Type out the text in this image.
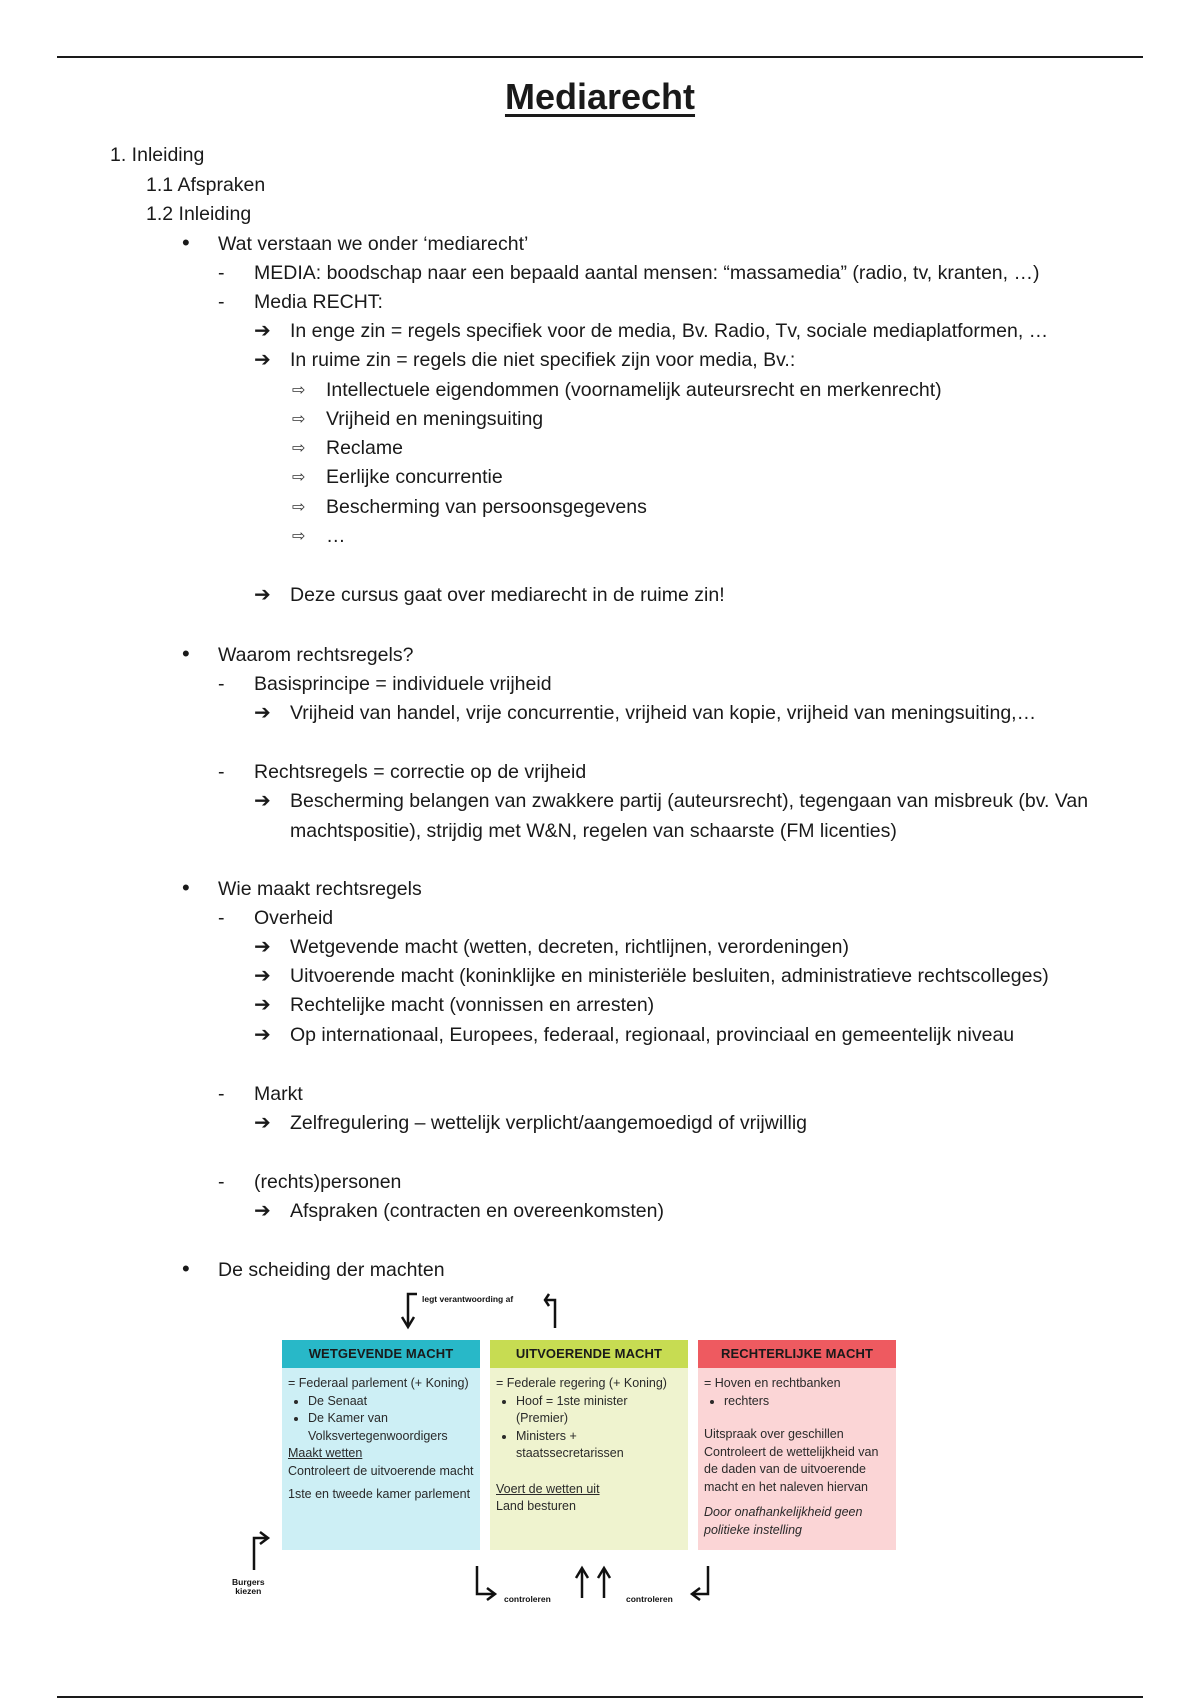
Mediarecht
1. Inleiding
1.1 Afspraken
1.2 Inleiding
• Wat verstaan we onder ‘mediarecht’
- MEDIA: boodschap naar een bepaald aantal mensen: “massamedia” (radio, tv, kranten, …)
- Media RECHT:
➔ In enge zin = regels specifiek voor de media, Bv. Radio, Tv, sociale mediaplatformen, …
➔ In ruime zin = regels die niet specifiek zijn voor media, Bv.:
⇨ Intellectuele eigendommen (voornamelijk auteursrecht en merkenrecht)
⇨ Vrijheid en meningsuiting
⇨ Reclame
⇨ Eerlijke concurrentie
⇨ Bescherming van persoonsgegevens
⇨ …
➔ Deze cursus gaat over mediarecht in de ruime zin!
• Waarom rechtsregels?
- Basisprincipe = individuele vrijheid
➔ Vrijheid van handel, vrije concurrentie, vrijheid van kopie, vrijheid van meningsuiting,…
- Rechtsregels = correctie op de vrijheid
➔ Bescherming belangen van zwakkere partij (auteursrecht), tegengaan van misbreuk (bv. Van
machtspositie), strijdig met W&N, regelen van schaarste (FM licenties)
• Wie maakt rechtsregels
- Overheid
➔ Wetgevende macht (wetten, decreten, richtlijnen, verordeningen)
➔ Uitvoerende macht (koninklijke en ministeriële besluiten, administratieve rechtscolleges)
➔ Rechtelijke macht (vonnissen en arresten)
➔ Op internationaal, Europees, federaal, regionaal, provinciaal en gemeentelijk niveau
- Markt
➔ Zelfregulering – wettelijk verplicht/aangemoedigd of vrijwillig
- (rechts)personen
➔ Afspraken (contracten en overeenkomsten)
• De scheiding der machten
legt verantwoording af
Burgers
kiezen
controleren	controleren
WETGEVENDE MACHT

= Federaal parlement (+ Koning)

• De Senaat
• De Kamer van Volksvertegenwoordigers

Maakt wetten

Controleert de uitvoerende macht

1ste en tweede kamer parlement

UITVOERENDE MACHT

= Federale regering (+ Koning)

• Hoof = 1ste minister (Premier)
• Ministers + staatssecretarissen

Voert de wetten uit

Land besturen

RECHTERLIJKE MACHT

= Hoven en rechtbanken

• rechters

Uitspraak over geschillen Controleert de wettelijkheid van de daden van de uitvoerende macht en het naleven hiervan

Door onafhankelijkheid geen politieke instelling
